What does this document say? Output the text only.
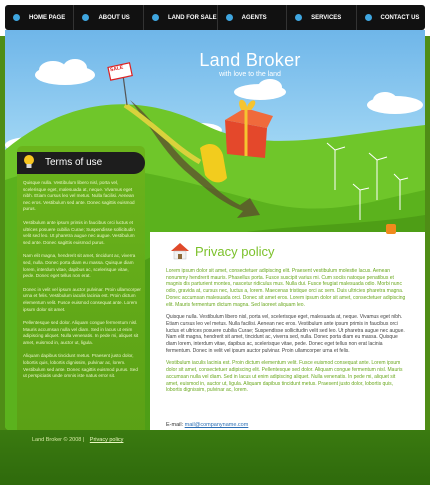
HOME PAGE	ABOUT US	LAND FOR SALE	AGENTS	SERVICES	CONTACT US
Land Broker
with love to the land
SALE
Terms of use

Quisque nulla. Vestibulum libero nisl, porta vel, scelerisque eget, malesuada at, neque. Vivamus eget nibh. Etiam cursus leo vel metus. Nulla facilisi. Aenean nec eros. Vestibulum sed ante. Donec sagittis euismod purus.

Vestibulum ante ipsum primis in faucibus orci luctus et ultrices posuere cubilia Curae; Suspendisse sollicitudin velit sed leo. Ut pharetra augue nec augue. Vestibulum sed ante. Donec sagittis euismod purus.

Nam elit magna, hendrerit sit amet, tincidunt ac, viverra sed, nulla. Donec porta diam eu massa. Quisque diam lorem, interdum vitae, dapibus ac, scelerisque vitae, pede. Donec eget tellus non erat.

Donec in velit vel ipsum auctor pulvinar. Proin ullamcorper urna et felis. Vestibulum iaculis lacinia est. Proin dictum elementum velit. Fusce euismod consequat ante. Lorem ipsum dolor sit amet.

Pellentesque sed dolor. Aliquam congue fermentum nisl. Mauris accumsan nulla vel diam. Sed in lacus ut enim adipiscing aliquet. Nulla venenatis. In pede mi, aliquet sit amet, euismod in, auctor ut, ligula.

Aliquam dapibus tincidunt metus. Praesent justo dolor, lobortis quis, lobortis dignissim, pulvinar ac, lorem. Vestibulum sed ante. Donec sagittis euismod purus. Sed ut perspiciatis unde omnis iste natus error sit.

Privacy policy

Lorem ipsum dolor sit amet, consectetuer adipiscing elit. Praesent vestibulum molestie lacus. Aenean nonummy hendrerit mauris. Phasellus porta. Fusce suscipit varius mi. Cum sociis natoque penatibus et magnis dis parturient montes, nascetur ridiculus mus. Nulla dui. Fusce feugiat malesuada odio. Morbi nunc odio, gravida at, cursus nec, luctus a, lorem. Maecenas tristique orci ac sem. Duis ultricies pharetra magna. Donec accumsan malesuada orci. Donec sit amet eros. Lorem ipsum dolor sit amet, consectetuer adipiscing elit. Mauris fermentum dictum magna. Sed laoreet aliquam leo.

Quisque nulla. Vestibulum libero nisl, porta vel, scelerisque eget, malesuada at, neque. Vivamus eget nibh. Etiam cursus leo vel metus. Nulla facilisi. Aenean nec eros. Vestibulum ante ipsum primis in faucibus orci luctus et ultrices posuere cubilia Curae; Suspendisse sollicitudin velit sed leo. Ut pharetra augue nec augue. Nam elit magna, hendrerit sit amet, tincidunt ac, viverra sed, nulla. Donec porta diam eu massa. Quisque diam lorem, interdum vitae, dapibus ac, scelerisque vitae, pede. Donec eget tellus non erat lacinia fermentum. Donec in velit vel ipsum auctor pulvinar. Proin ullamcorper urna et felis.

Vestibulum iaculis lacinia est. Proin dictum elementum velit. Fusce euismod consequat ante. Lorem ipsum dolor sit amet, consectetuer adipiscing elit. Pellentesque sed dolor. Aliquam congue fermentum nisl. Mauris accumsan nulla vel diam. Sed in lacus ut enim adipiscing aliquet. Nulla venenatis. In pede mi, aliquet sit amet, euismod in, auctor ut, ligula. Aliquam dapibus tincidunt metus. Praesent justo dolor, lobortis quis, lobortis dignissim, pulvinar ac, lorem.

E-mail: mail@companyname.com
Land Broker © 2008 | Privacy policy
